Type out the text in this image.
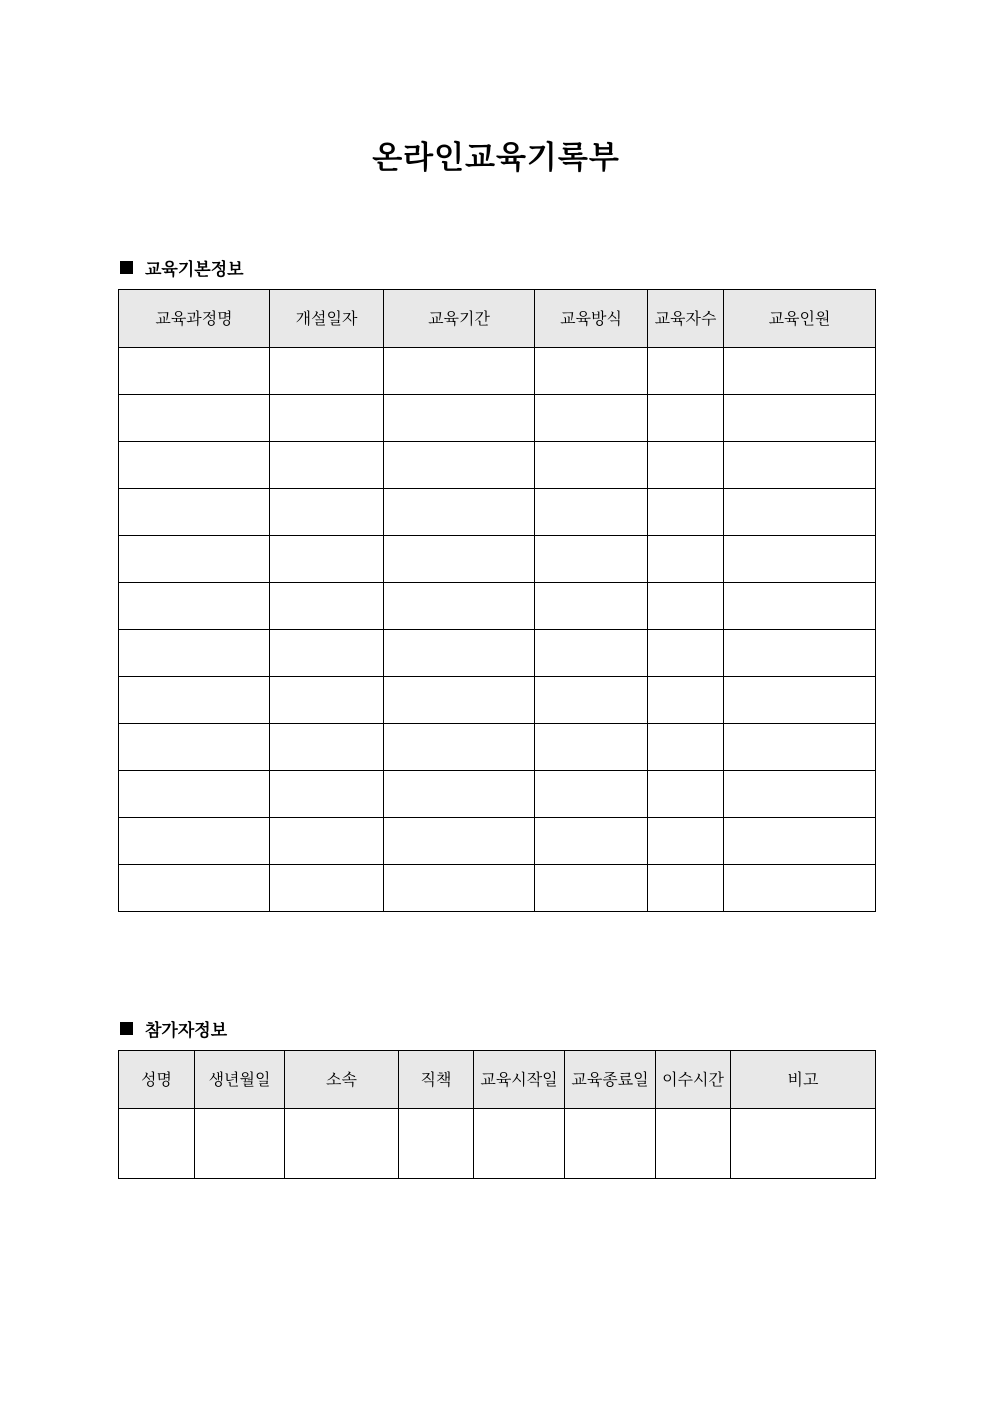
온라인교육기록부
교육기본정보
교육과정명	개설일자	교육기간	교육방식	교육자수	교육인원

참가자정보
성명	생년월일	소속	직책	교육시작일	교육종료일	이수시간	비고
